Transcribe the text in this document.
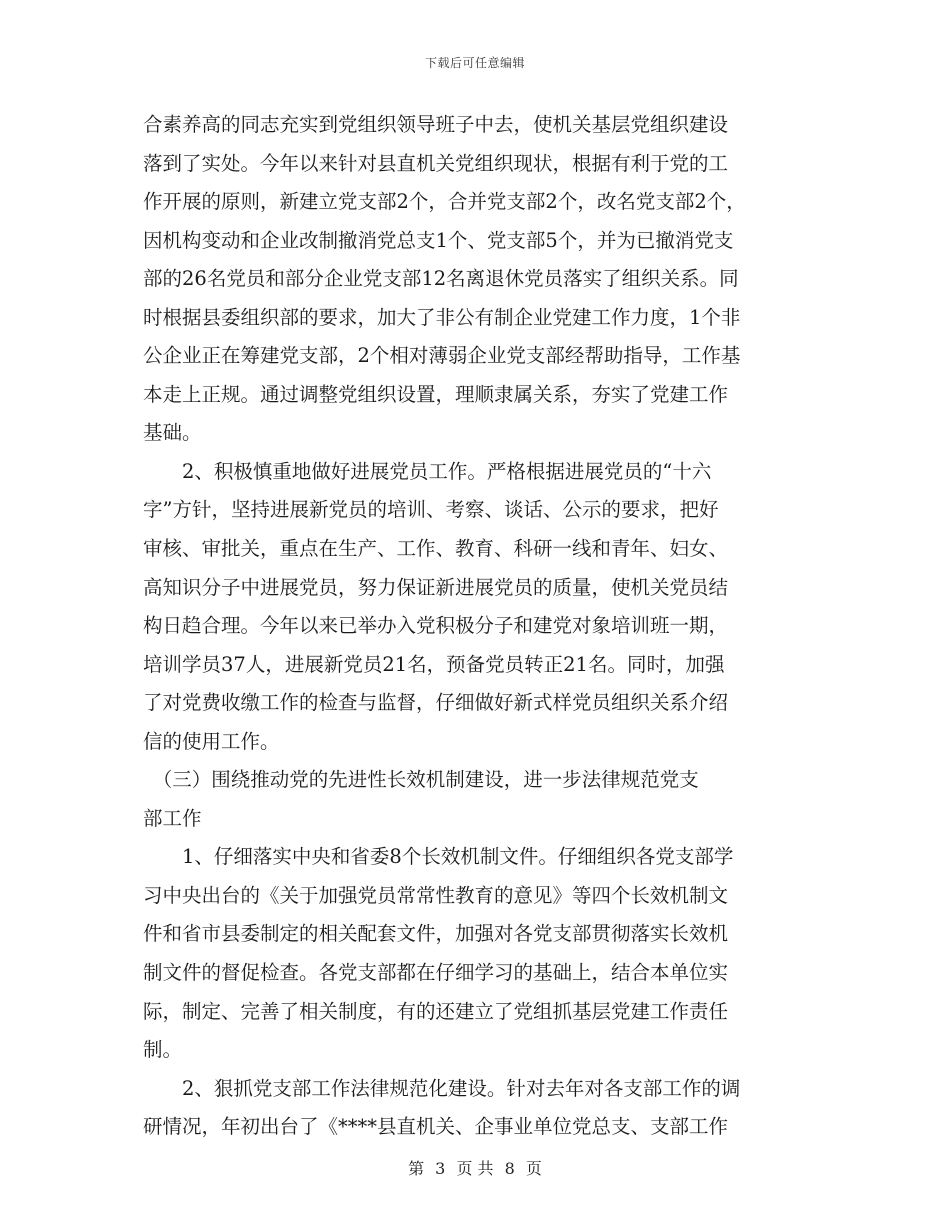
下载后可任意编辑
合素养高的同志充实到党组织领导班子中去，使机关基层党组织建设
落到了实处。今年以来针对县直机关党组织现状，根据有利于党的工
作开展的原则，新建立党支部2个，合并党支部2个，改名党支部2个，
因机构变动和企业改制撤消党总支1个、党支部5个，并为已撤消党支
部的26名党员和部分企业党支部12名离退休党员落实了组织关系。同
时根据县委组织部的要求，加大了非公有制企业党建工作力度，1个非
公企业正在筹建党支部，2个相对薄弱企业党支部经帮助指导，工作基
本走上正规。通过调整党组织设置，理顺隶属关系，夯实了党建工作
基础。
　　2、积极慎重地做好进展党员工作。严格根据进展党员的“十六
字”方针，坚持进展新党员的培训、考察、谈话、公示的要求，把好
审核、审批关，重点在生产、工作、教育、科研一线和青年、妇女、
高知识分子中进展党员，努力保证新进展党员的质量，使机关党员结
构日趋合理。今年以来已举办入党积极分子和建党对象培训班一期，
培训学员37人，进展新党员21名，预备党员转正21名。同时，加强
了对党费收缴工作的检查与监督，仔细做好新式样党员组织关系介绍
信的使用工作。
　（三）围绕推动党的先进性长效机制建设，进一步法律规范党支
部工作
　　1、仔细落实中央和省委8个长效机制文件。仔细组织各党支部学
习中央出台的《关于加强党员常常性教育的意见》等四个长效机制文
件和省市县委制定的相关配套文件，加强对各党支部贯彻落实长效机
制文件的督促检查。各党支部都在仔细学习的基础上，结合本单位实
际，制定、完善了相关制度，有的还建立了党组抓基层党建工作责任
制。
　　2、狠抓党支部工作法律规范化建设。针对去年对各支部工作的调
研情况，年初出台了《****县直机关、企事业单位党总支、支部工作
第 3 页 共 8 页
